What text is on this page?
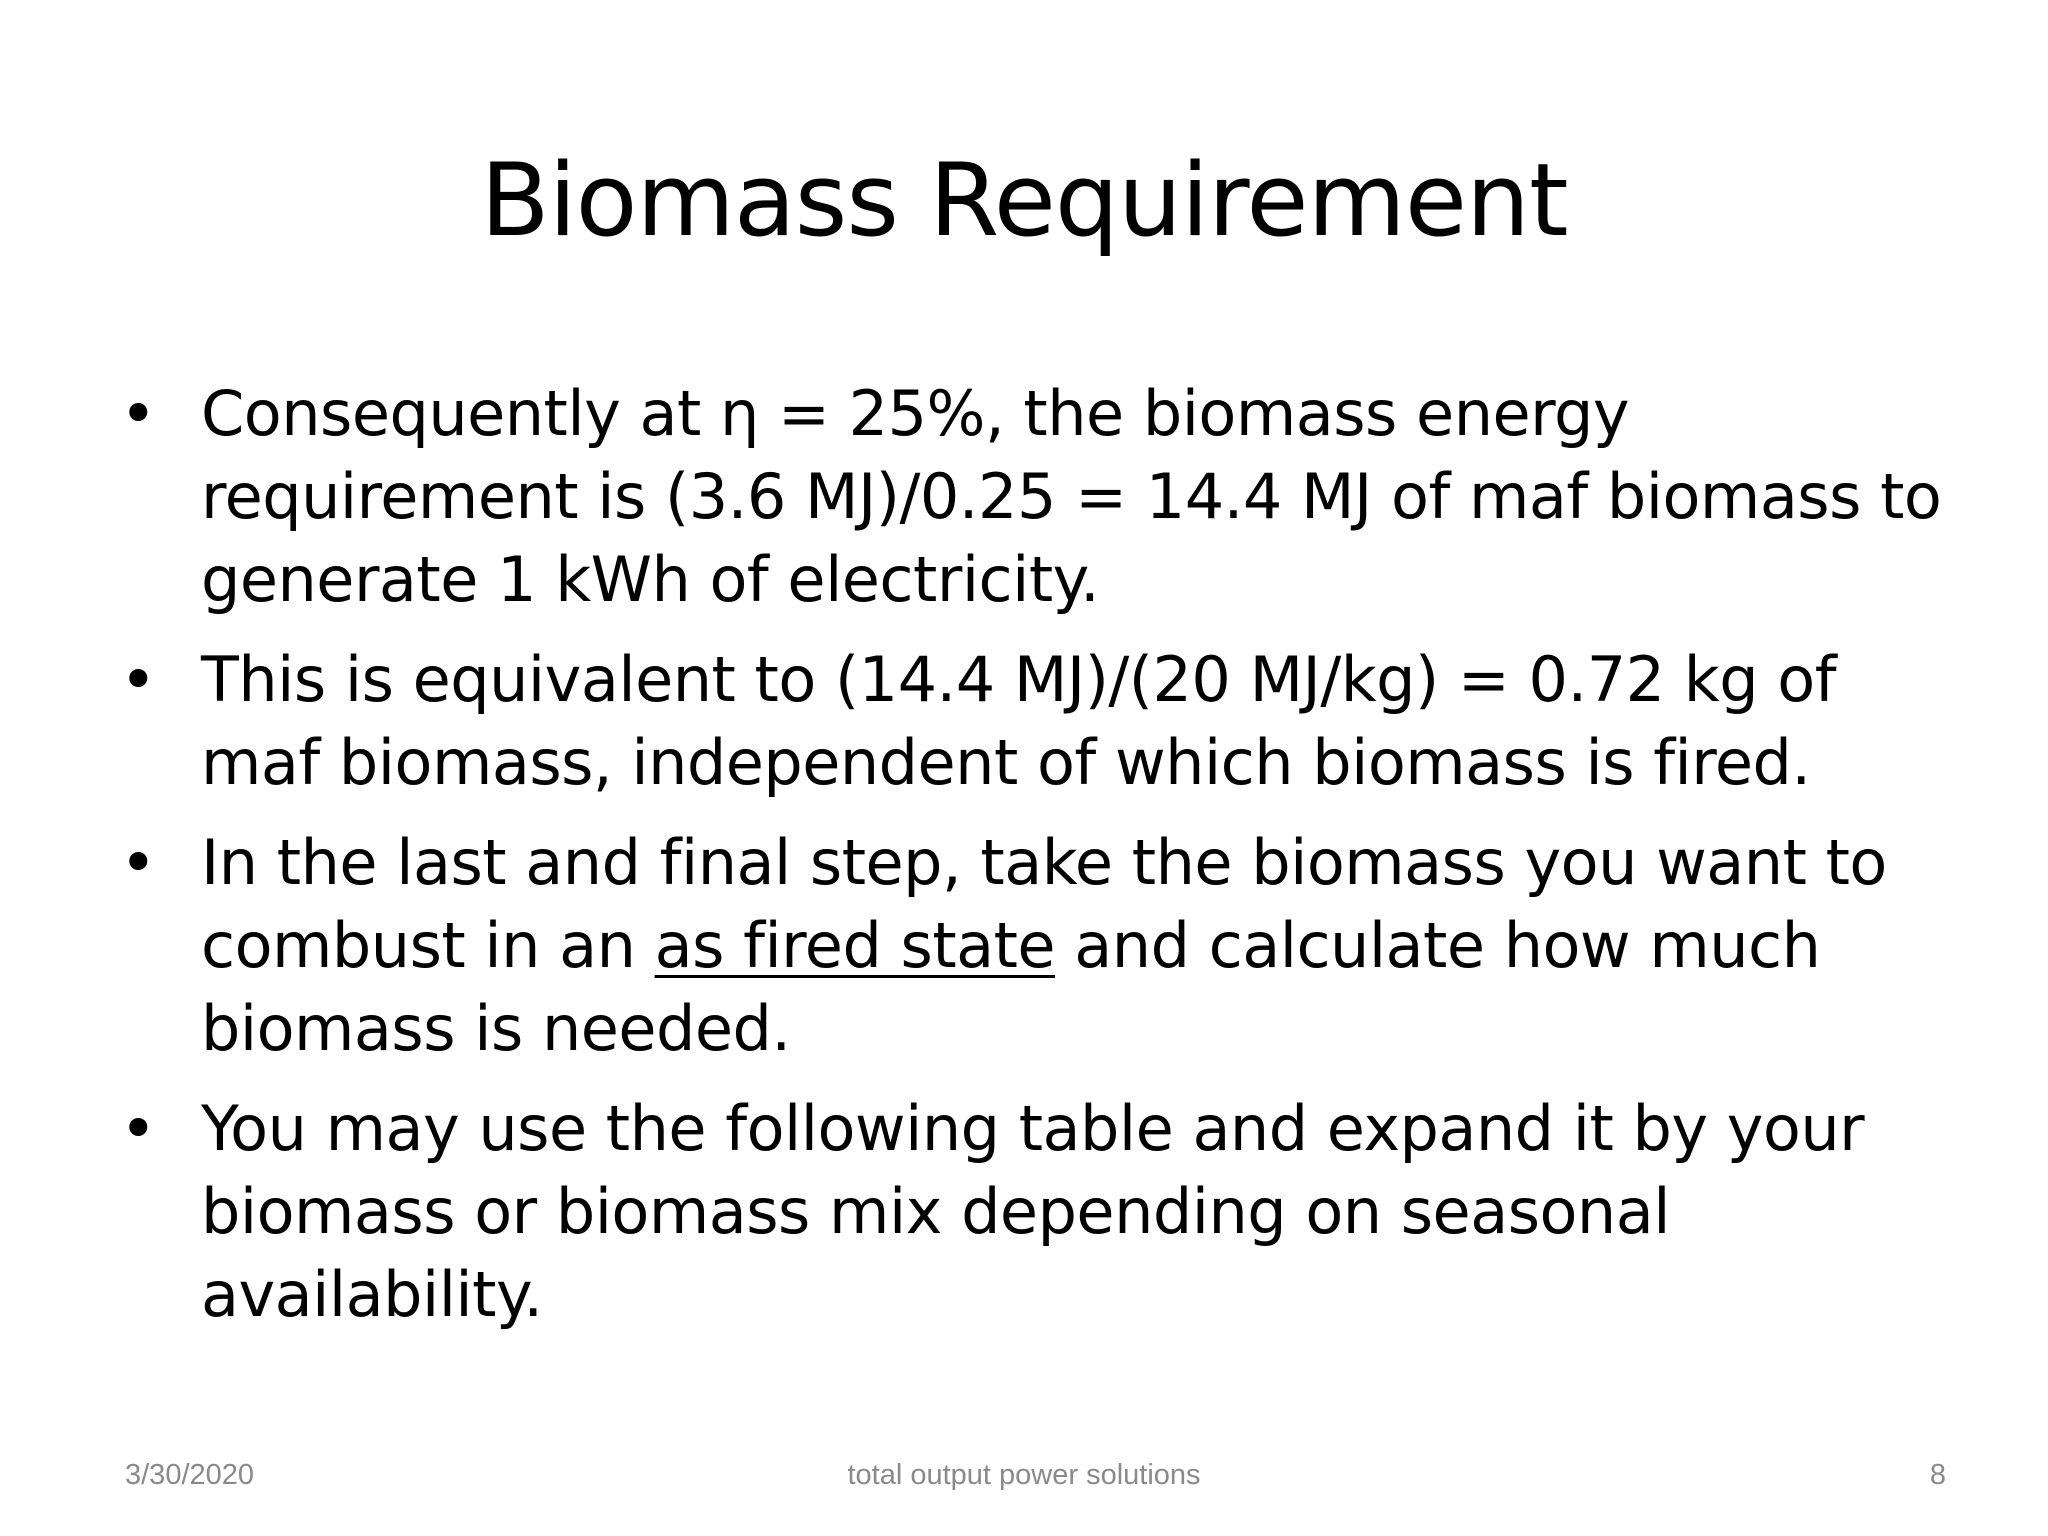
Biomass Requirement
• Consequently at η = 25%, the biomass energy requirement is (3.6 MJ)/0.25 = 14.4 MJ of maf biomass to generate 1 kWh of electricity.
• This is equivalent to (14.4 MJ)/(20 MJ/kg) = 0.72 kg of maf biomass, independent of which biomass is fired.
• In the last and final step, take the biomass you want to combust in an as fired state and calculate how much biomass is needed.
• You may use the following table and expand it by your biomass or biomass mix depending on seasonal availability.
3/30/2020	total output power solutions	8
